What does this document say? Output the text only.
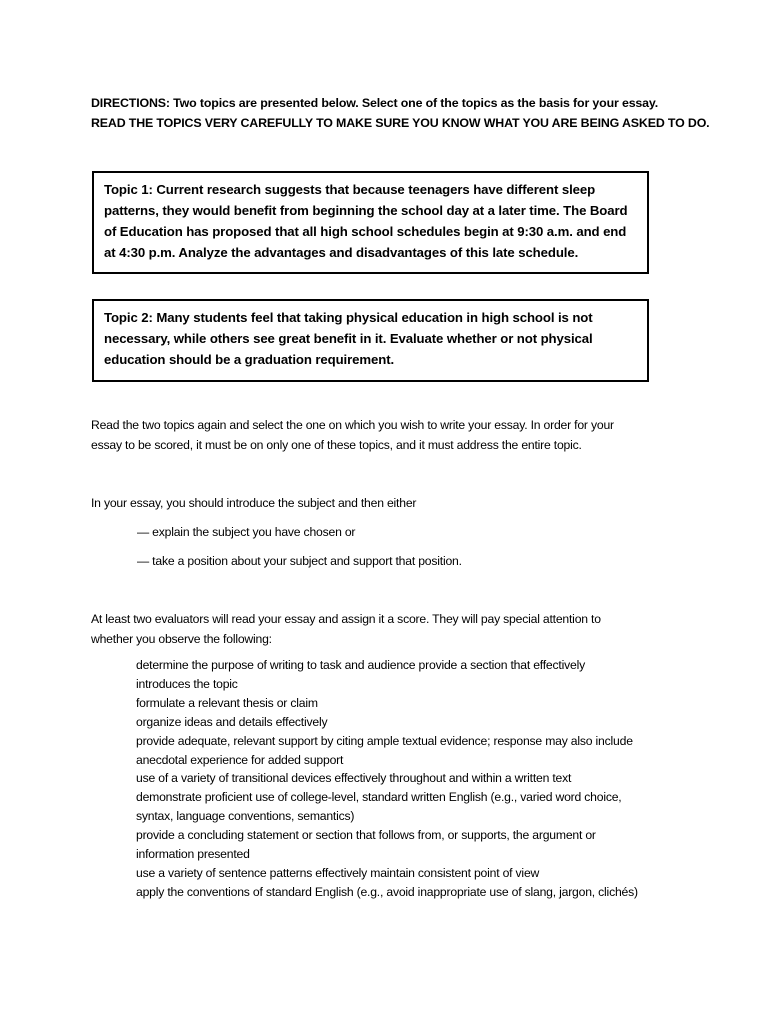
DIRECTIONS: Two topics are presented below. Select one of the topics as the basis for your essay.

READ THE TOPICS VERY CAREFULLY TO MAKE SURE YOU KNOW WHAT YOU ARE BEING ASKED TO DO.

Topic 1: Current research suggests that because teenagers have different sleep

patterns, they would benefit from beginning the school day at a later time. The Board

of Education has proposed that all high school schedules begin at 9:30 a.m. and end

at 4:30 p.m. Analyze the advantages and disadvantages of this late schedule.

Topic 2: Many students feel that taking physical education in high school is not

necessary, while others see great benefit in it. Evaluate whether or not physical

education should be a graduation requirement.

Read the two topics again and select the one on which you wish to write your essay. In order for your

essay to be scored, it must be on only one of these topics, and it must address the entire topic.

In your essay, you should introduce the subject and then either

— explain the subject you have chosen or
— take a position about your subject and support that position.

At least two evaluators will read your essay and assign it a score. They will pay special attention to

whether you observe the following:

determine the purpose of writing to task and audience provide a section that effectively
introduces the topic
formulate a relevant thesis or claim
organize ideas and details effectively
provide adequate, relevant support by citing ample textual evidence; response may also include
anecdotal experience for added support
use of a variety of transitional devices effectively throughout and within a written text
demonstrate proficient use of college-level, standard written English (e.g., varied word choice,
syntax, language conventions, semantics)
provide a concluding statement or section that follows from, or supports, the argument or
information presented
use a variety of sentence patterns effectively maintain consistent point of view
apply the conventions of standard English (e.g., avoid inappropriate use of slang, jargon, clichés)
